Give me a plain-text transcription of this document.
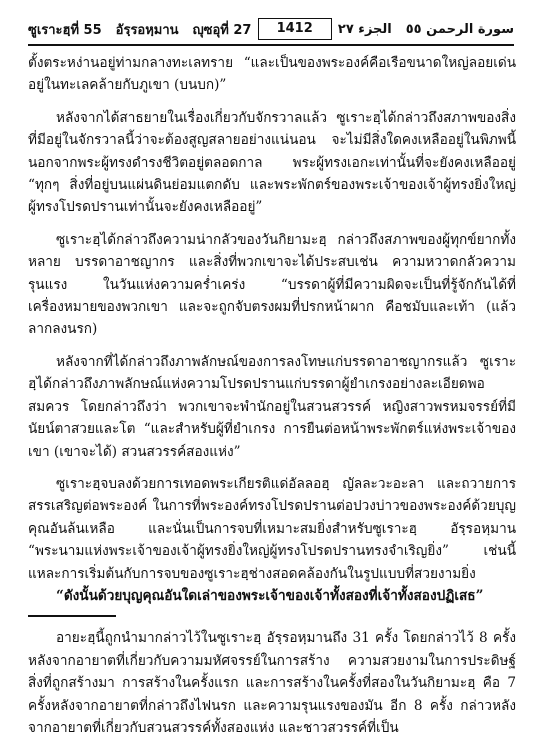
ซูเราะฮฺที่ 55 อัรฺรอหฺมาน ญุซอุที่ 27	1412	الجزء ٢٧ سورة الرحمن ٥٥

ตั้งตระหง่านอยู่ท่ามกลางทะเลทราย “และเป็นของพระองค์คือเรือขนาดใหญ่ลอยเด่นอยู่ในทะเลคล้ายกับภูเขา (บนบก)”

หลังจากได้สาธยายในเรื่องเกี่ยวกับจักรวาลแล้ว ซูเราะฮฺได้กล่าวถึงสภาพของสิ่งที่มีอยู่ในจักรวาลนี้ว่าจะต้องสูญสลายอย่างแน่นอน จะไม่มีสิ่งใดคงเหลืออยู่ในพิภพนี้ นอกจากพระผู้ทรงดำรงชีวิตอยู่ตลอดกาล พระผู้ทรงเอกะเท่านั้นที่จะยังคงเหลืออยู่ “ทุกๆ สิ่งที่อยู่บนแผ่นดินย่อมแตกดับ และพระพักตร์ของพระเจ้าของเจ้าผู้ทรงยิ่งใหญ่ ผู้ทรงโปรดปรานเท่านั้นจะยังคงเหลืออยู่”

ซูเราะฮฺได้กล่าวถึงความน่ากลัวของวันกิยามะฮฺ กล่าวถึงสภาพของผู้ทุกข์ยากทั้งหลาย บรรดาอาชญากร และสิ่งที่พวกเขาจะได้ประสบเช่น ความหวาดกลัวความรุนแรง ในวันแห่งความคร่ำเคร่ง “บรรดาผู้ที่มีความผิดจะเป็นที่รู้จักกันได้ที่เครื่องหมายของพวกเขา และจะถูกจับตรงผมที่ปรกหน้าผาก คือชมับและเท้า (แล้วลากลงนรก)

หลังจากที่ได้กล่าวถึงภาพลักษณ์ของการลงโทษแก่บรรดาอาชญากรแล้ว ซูเราะฮฺได้กล่าวถึงภาพลักษณ์แห่งความโปรดปรานแก่บรรดาผู้ยำเกรงอย่างละเอียดพอสมควร โดยกล่าวถึงว่า พวกเขาจะพำนักอยู่ในสวนสวรรค์ หญิงสาวพรหมจรรย์ที่มีนัยน์ตาสวยและโต “และสำหรับผู้ที่ยำเกรง การยืนต่อหน้าพระพักตร์แห่งพระเจ้าของเขา (เขาจะได้) สวนสวรรค์สองแห่ง”

ซูเราะฮฺจบลงด้วยการเทอดพระเกียรติแด่อัลลอฮฺ ญัลละวะอะลา และถวายการสรรเสริญต่อพระองค์ ในการที่พระองค์ทรงโปรดปรานต่อปวงบ่าวของพระองค์ด้วยบุญคุณอันล้นเหลือ และนั่นเป็นการจบที่เหมาะสมยิ่งสำหรับซูเราะฮฺ อัรฺรอหฺมาน “พระนามแห่งพระเจ้าของเจ้าผู้ทรงยิ่งใหญ่ผู้ทรงโปรดปรานทรงจำเริญยิ่ง” เช่นนี้แหละการเริ่มต้นกับการจบของซูเราะฮฺช่างสอดคล้องกันในรูปแบบที่สวยงามยิ่ง

“ดังนั้นด้วยบุญคุณอันใดเล่าของพระเจ้าของเจ้าทั้งสองที่เจ้าทั้งสองปฏิเสธ”

อายะฮฺนี้ถูกนำมากล่าวไว้ในซูเราะฮฺ อัรฺรอหฺมานถึง 31 ครั้ง โดยกล่าวไว้ 8 ครั้ง หลังจากอายาตที่เกี่ยวกับความมหัศจรรย์ในการสร้าง ความสวยงามในการประดิษฐ์สิ่งที่ถูกสร้างมา การสร้างในครั้งแรก และการสร้างในครั้งที่สองในวันกิยามะฮฺ คือ 7 ครั้งหลังจากอายาตที่กล่าวถึงไฟนรก และความรุนแรงของมัน อีก 8 ครั้ง กล่าวหลังจากอายาตที่เกี่ยวกับสวนสวรรค์ทั้งสองแห่ง และชาวสวรรค์ที่เป็น
